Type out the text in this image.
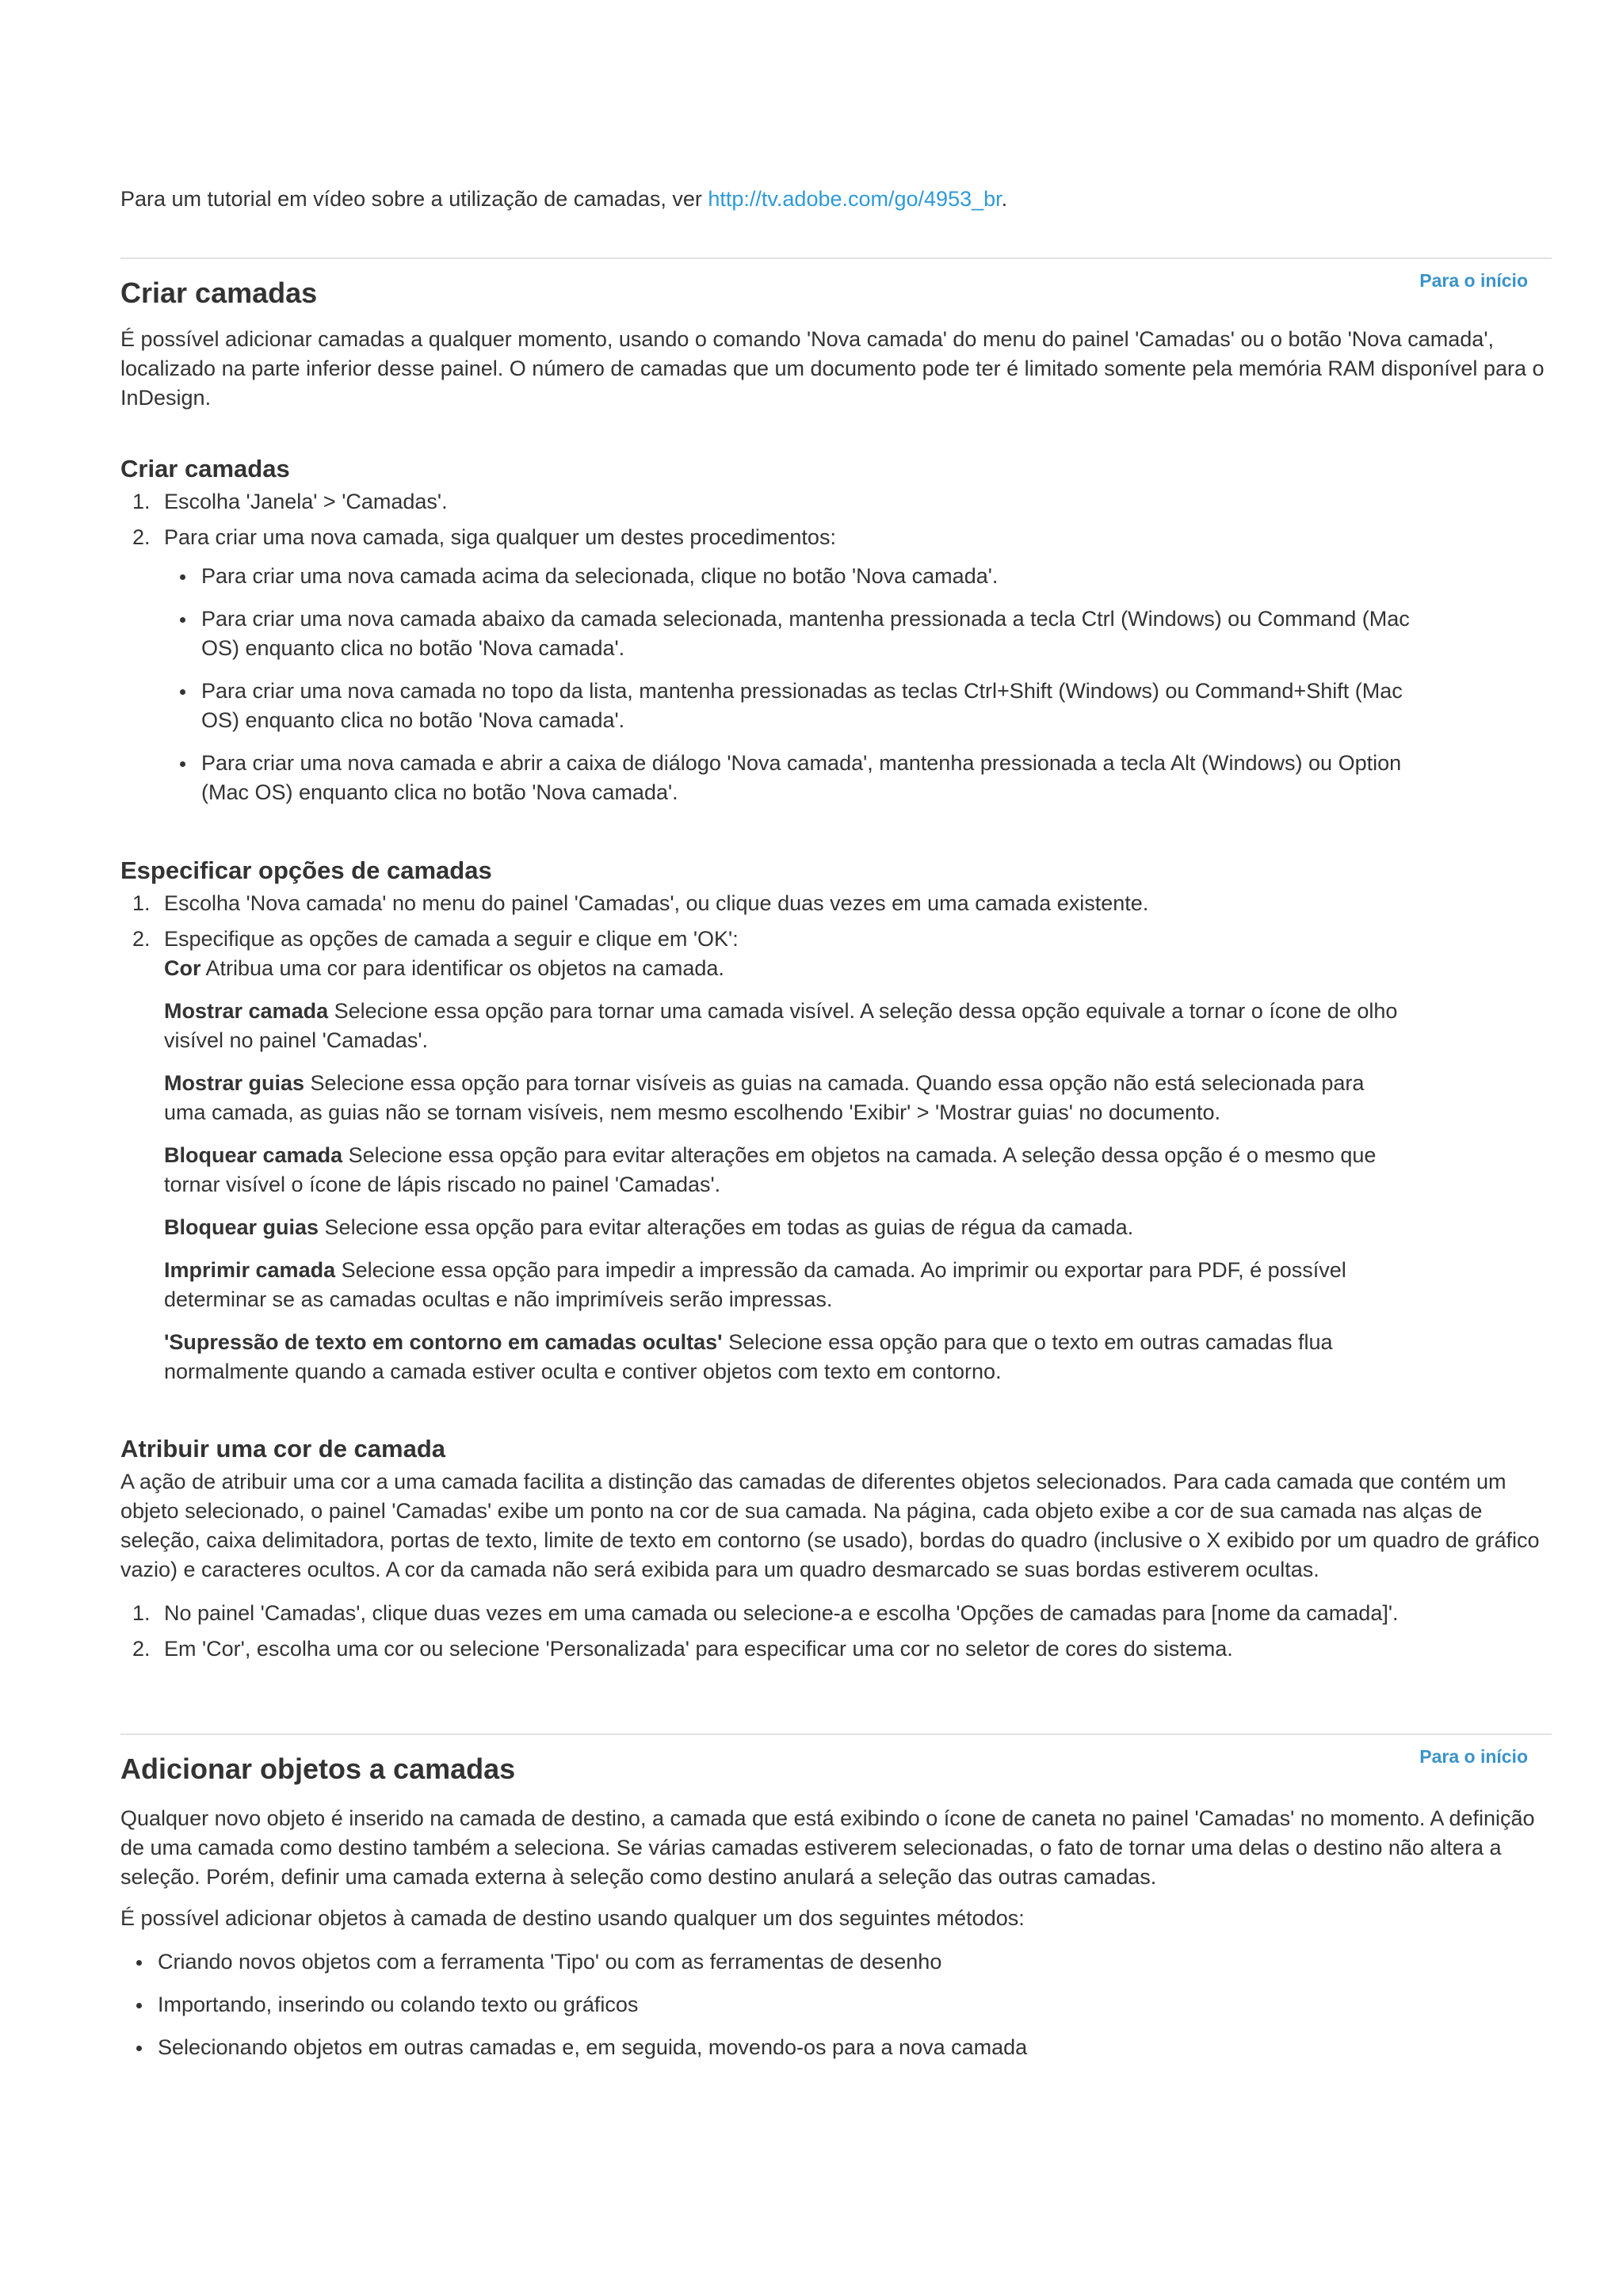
Para um tutorial em vídeo sobre a utilização de camadas, ver http://tv.adobe.com/go/4953_br.

Para o início
Criar camadas

É possível adicionar camadas a qualquer momento, usando o comando 'Nova camada' do menu do painel 'Camadas' ou o botão 'Nova camada', localizado na parte inferior desse painel. O número de camadas que um documento pode ter é limitado somente pela memória RAM disponível para o InDesign.

Criar camadas
1. Escolha 'Janela' > 'Camadas'.
2. Para criar uma nova camada, siga qualquer um destes procedimentos:
Para criar uma nova camada acima da selecionada, clique no botão 'Nova camada'.
Para criar uma nova camada abaixo da camada selecionada, mantenha pressionada a tecla Ctrl (Windows) ou Command (Mac OS) enquanto clica no botão 'Nova camada'.
Para criar uma nova camada no topo da lista, mantenha pressionadas as teclas Ctrl+Shift (Windows) ou Command+Shift (Mac OS) enquanto clica no botão 'Nova camada'.
Para criar uma nova camada e abrir a caixa de diálogo 'Nova camada', mantenha pressionada a tecla Alt (Windows) ou Option (Mac OS) enquanto clica no botão 'Nova camada'.
Especificar opções de camadas
1. Escolha 'Nova camada' no menu do painel 'Camadas', ou clique duas vezes em uma camada existente.
2. Especifique as opções de camada a seguir e clique em 'OK':
Cor Atribua uma cor para identificar os objetos na camada.
Mostrar camada Selecione essa opção para tornar uma camada visível. A seleção dessa opção equivale a tornar o ícone de olho visível no painel 'Camadas'.
Mostrar guias Selecione essa opção para tornar visíveis as guias na camada. Quando essa opção não está selecionada para uma camada, as guias não se tornam visíveis, nem mesmo escolhendo 'Exibir' > 'Mostrar guias' no documento.
Bloquear camada Selecione essa opção para evitar alterações em objetos na camada. A seleção dessa opção é o mesmo que tornar visível o ícone de lápis riscado no painel 'Camadas'.
Bloquear guias Selecione essa opção para evitar alterações em todas as guias de régua da camada.
Imprimir camada Selecione essa opção para impedir a impressão da camada. Ao imprimir ou exportar para PDF, é possível determinar se as camadas ocultas e não imprimíveis serão impressas.
'Supressão de texto em contorno em camadas ocultas' Selecione essa opção para que o texto em outras camadas flua normalmente quando a camada estiver oculta e contiver objetos com texto em contorno.
Atribuir uma cor de camada

A ação de atribuir uma cor a uma camada facilita a distinção das camadas de diferentes objetos selecionados. Para cada camada que contém um objeto selecionado, o painel 'Camadas' exibe um ponto na cor de sua camada. Na página, cada objeto exibe a cor de sua camada nas alças de seleção, caixa delimitadora, portas de texto, limite de texto em contorno (se usado), bordas do quadro (inclusive o X exibido por um quadro de gráfico vazio) e caracteres ocultos. A cor da camada não será exibida para um quadro desmarcado se suas bordas estiverem ocultas.

1. No painel 'Camadas', clique duas vezes em uma camada ou selecione-a e escolha 'Opções de camadas para [nome da camada]'.
2. Em 'Cor', escolha uma cor ou selecione 'Personalizada' para especificar uma cor no seletor de cores do sistema.
Para o início
Adicionar objetos a camadas

Qualquer novo objeto é inserido na camada de destino, a camada que está exibindo o ícone de caneta no painel 'Camadas' no momento. A definição de uma camada como destino também a seleciona. Se várias camadas estiverem selecionadas, o fato de tornar uma delas o destino não altera a seleção. Porém, definir uma camada externa à seleção como destino anulará a seleção das outras camadas.

É possível adicionar objetos à camada de destino usando qualquer um dos seguintes métodos:

Criando novos objetos com a ferramenta 'Tipo' ou com as ferramentas de desenho
Importando, inserindo ou colando texto ou gráficos
Selecionando objetos em outras camadas e, em seguida, movendo-os para a nova camada
